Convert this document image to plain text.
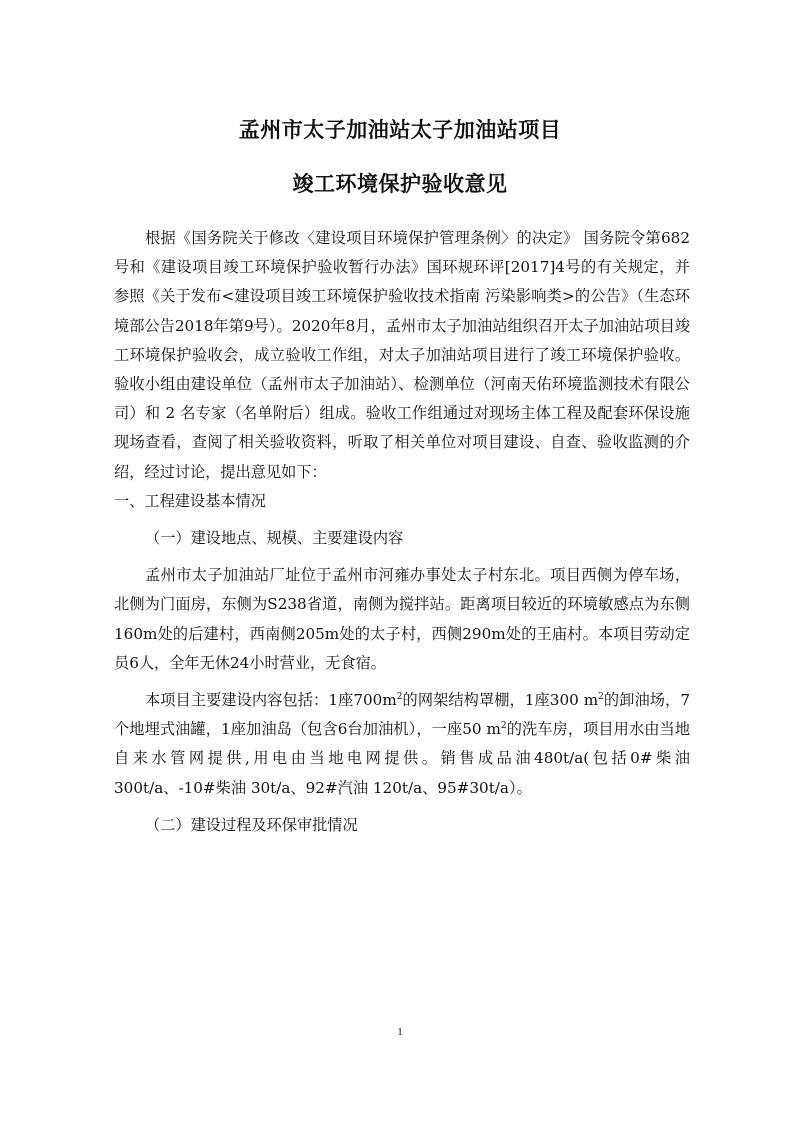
孟州市太子加油站太子加油站项目
竣工环境保护验收意见

根据《国务院关于修改〈建设项目环境保护管理条例〉的决定》 国务院令第682号和《建设项目竣工环境保护验收暂行办法》国环规环评[2017]4号的有关规定，并参照《关于发布<建设项目竣工环境保护验收技术指南 污染影响类>的公告》（生态环境部公告2018年第9号）。2020年8月，孟州市太子加油站组织召开太子加油站项目竣工环境保护验收会，成立验收工作组，对太子加油站项目进行了竣工环境保护验收。验收小组由建设单位（孟州市太子加油站）、检测单位（河南天佑环境监测技术有限公司）和 2 名专家（名单附后）组成。验收工作组通过对现场主体工程及配套环保设施现场查看，查阅了相关验收资料，听取了相关单位对项目建设、自查、验收监测的介绍，经过讨论，提出意见如下：

一、工程建设基本情况

（一）建设地点、规模、主要建设内容

孟州市太子加油站厂址位于孟州市河雍办事处太子村东北。项目西侧为停车场，北侧为门面房，东侧为S238省道，南侧为搅拌站。距离项目较近的环境敏感点为东侧160m处的后建村，西南侧205m处的太子村，西侧290m处的王庙村。本项目劳动定员6人，全年无休24小时营业，无食宿。

本项目主要建设内容包括：1座$700m^2$的网架结构罩棚，1座300 $m^2$的卸油场，7个地埋式油罐，1座加油岛（包含6台加油机），一座50 $m^2$的洗车房，项目用水由当地自来水管网提供,用电由当地电网提供。销售成品油480t/a(包括0#柴油300t/a、-10#柴油 30t/a、92#汽油 120t/a、95#30t/a）。

（二）建设过程及环保审批情况

1
